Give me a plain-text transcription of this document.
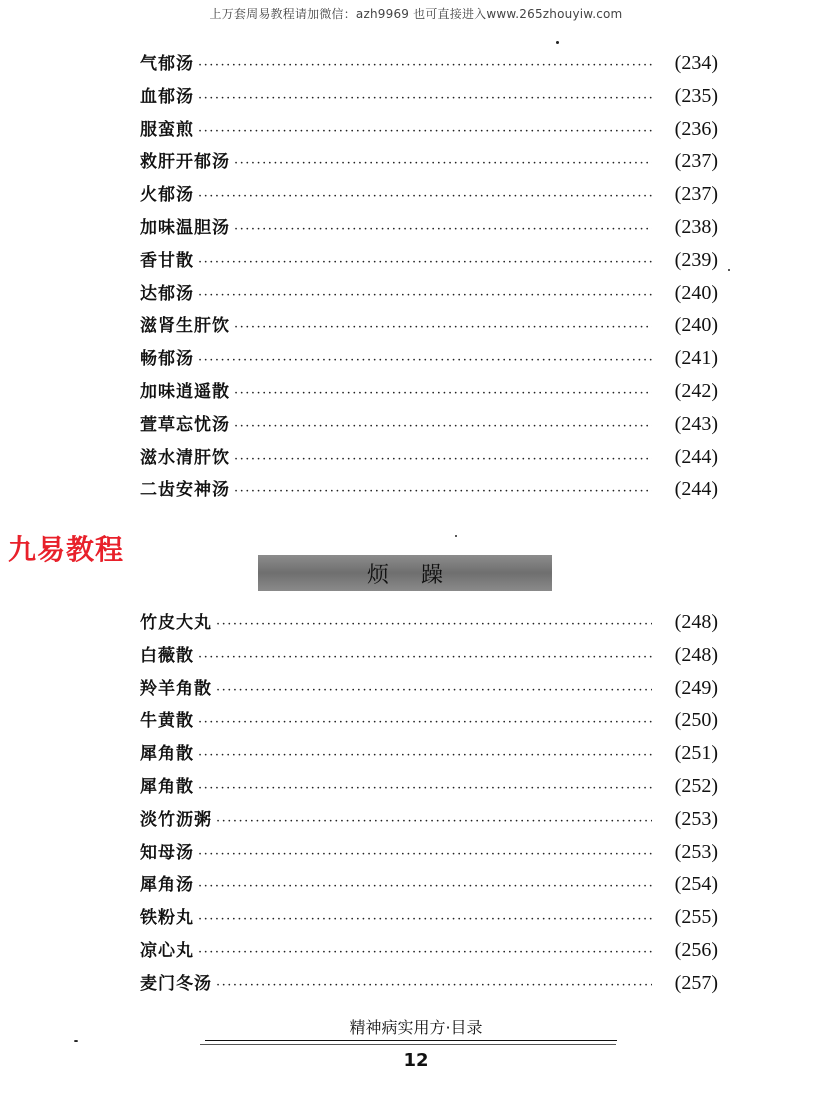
上万套周易教程请加微信：azh9969 也可直接进入www.265zhouyiw.com
气郁汤 ·····	(234)
血郁汤 ·····	(235)
服蛮煎 ·····	(236)
救肝开郁汤 ·····	(237)
火郁汤 ·····	(237)
加味温胆汤 ·····	(238)
香甘散 ·····	(239)
达郁汤 ·····	(240)
滋肾生肝饮 ·····	(240)
畅郁汤 ·····	(241)
加味逍遥散 ·····	(242)
萱草忘忧汤 ·····	(243)
滋水清肝饮 ·····	(244)
二齿安神汤 ·····	(244)
九易教程
烦躁
竹皮大丸 ·····	(248)
白薇散 ·····	(248)
羚羊角散 ·····	(249)
牛黄散 ·····	(250)
犀角散 ·····	(251)
犀角散 ·····	(252)
淡竹沥粥 ·····	(253)
知母汤 ·····	(253)
犀角汤 ·····	(254)
铁粉丸 ·····	(255)
凉心丸 ·····	(256)
麦门冬汤 ·····	(257)
精神病实用方·目录
12
